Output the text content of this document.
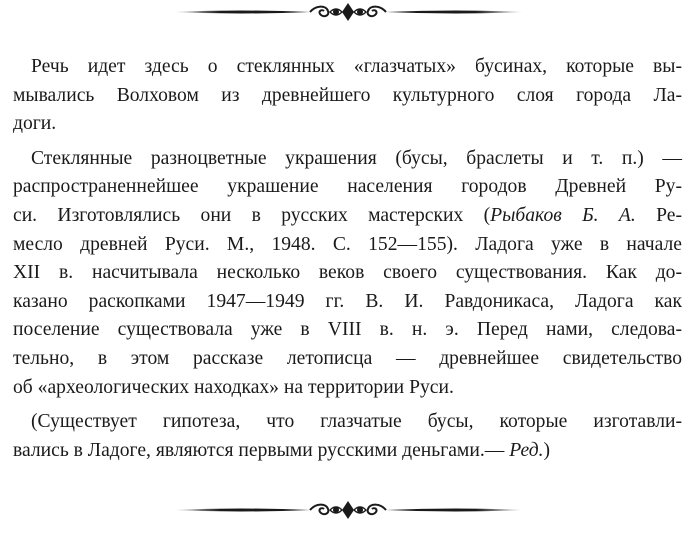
Речь идет здесь о стеклянных «глазчатых» бусинах, которые вы-
мывались Волховом из древнейшего культурного слоя города Ла-
доги.

Стеклянные разноцветные украшения (бусы, браслеты и т. п.) —
распространеннейшее украшение населения городов Древней Ру-
си. Изготовлялись они в русских мастерских (Рыбаков Б. А. Ре-
месло древней Руси. М., 1948. С. 152—155). Ладога уже в начале
XII в. насчитывала несколько веков своего существования. Как до-
казано раскопками 1947—1949 гг. В. И. Равдоникаса, Ладога как
поселение существовала уже в VIII в. н. э. Перед нами, следова-
тельно, в этом рассказе летописца — древнейшее свидетельство
об «археологических находках» на территории Руси.

(Существует гипотеза, что глазчатые бусы, которые изготавли-
вались в Ладоге, являются первыми русскими деньгами.— Ред.)
